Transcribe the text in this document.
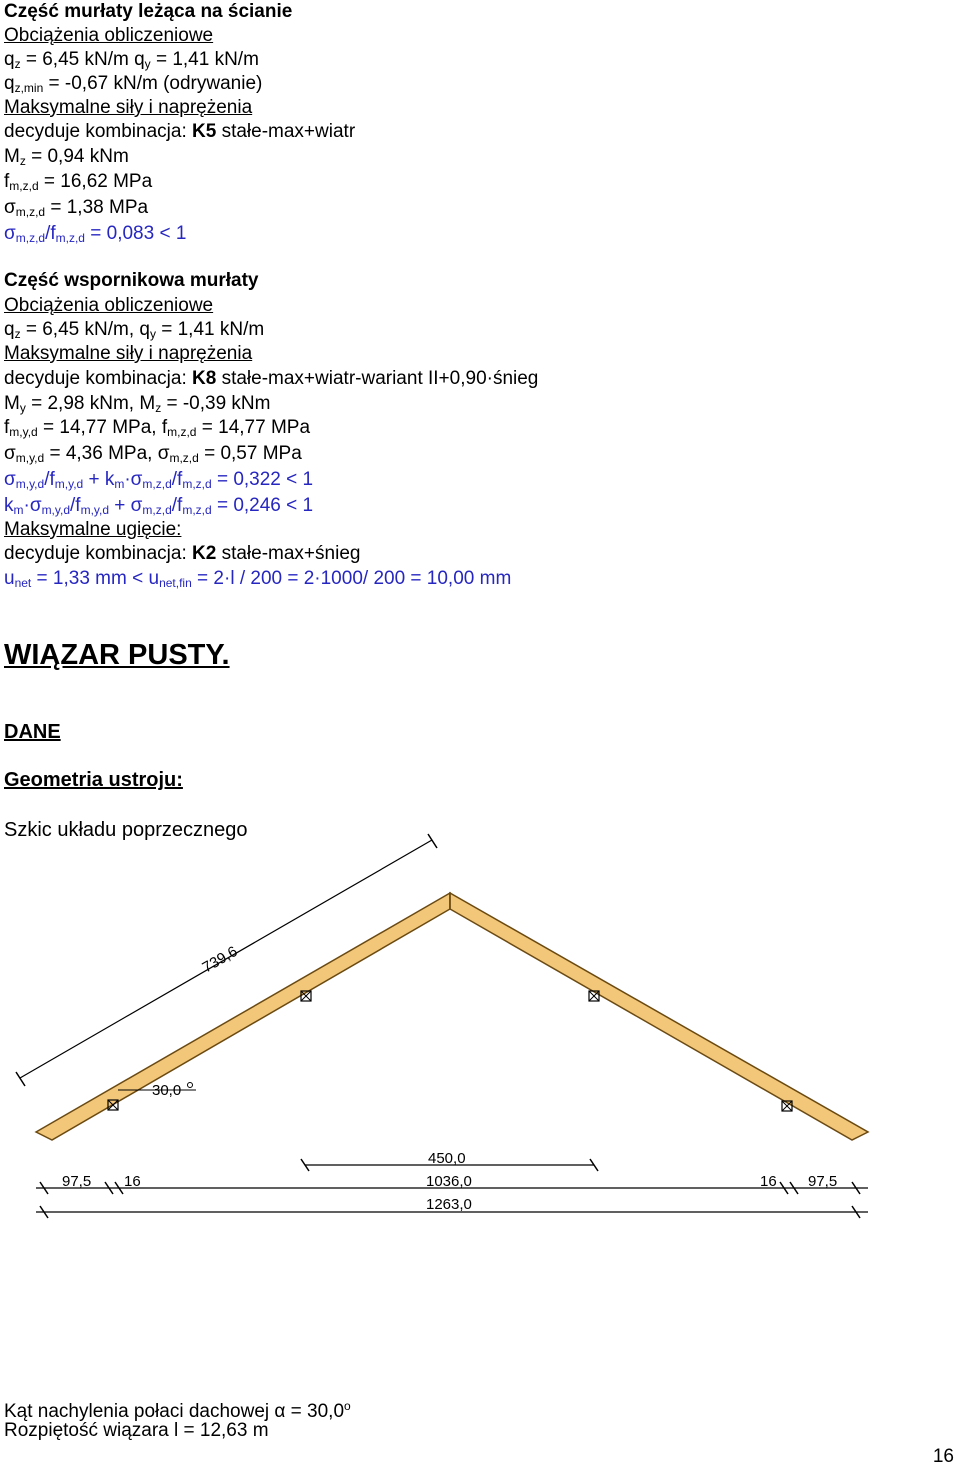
Część murłaty leżąca na ścianie
Obciążenia obliczeniowe
$q_z = 6,45$ kN/m $q_y = 1,41$ kN/m
$q_{z,min} = -0,67$ kN/m (odrywanie)
Maksymalne siły i naprężenia
decyduje kombinacja: K5 stałe-max+wiatr
$M_z = 0,94$ kNm
$f_{m,z,d} = 16,62$ MPa
$\sigma_{m,z,d} = 1,38$ MPa
$\sigma_{m,z,d}/f_{m,z,d} = 0,083 < 1$
Część wspornikowa murłaty
Obciążenia obliczeniowe
$q_z = 6,45$ kN/m, $q_y = 1,41$ kN/m
Maksymalne siły i naprężenia
decyduje kombinacja: K8 stałe-max+wiatr-wariant II+0,90·śnieg
$M_y = 2,98$ kNm, $M_z = -0,39$ kNm
$f_{m,y,d} = 14,77$ MPa, $f_{m,z,d} = 14,77$ MPa
$\sigma_{m,y,d} = 4,36$ MPa, $\sigma_{m,z,d} = 0,57$ MPa
$\sigma_{m,y,d}/f_{m,y,d} + k_m\cdot\sigma_{m,z,d}/f_{m,z,d} = 0,322 < 1$
$k_m\cdot\sigma_{m,y,d}/f_{m,y,d} + \sigma_{m,z,d}/f_{m,z,d} = 0,246 < 1$
Maksymalne ugięcie:
decyduje kombinacja: K2 stałe-max+śnieg
$u_{net} = 1,33$ mm < $u_{net,fin} = 2\cdot l / 200 = 2\cdot 1000/$ 200 = 10,00 mm
WIĄZAR PUSTY.
DANE
Geometria ustroju:
Szkic układu poprzecznego
739,6
30,0
450,0
97,5 16	1036,0	16 97,5
1263,0
Kąt nachylenia połaci dachowej $\alpha = 30,0^o$
Rozpiętość wiązara l = 12,63 m
16
